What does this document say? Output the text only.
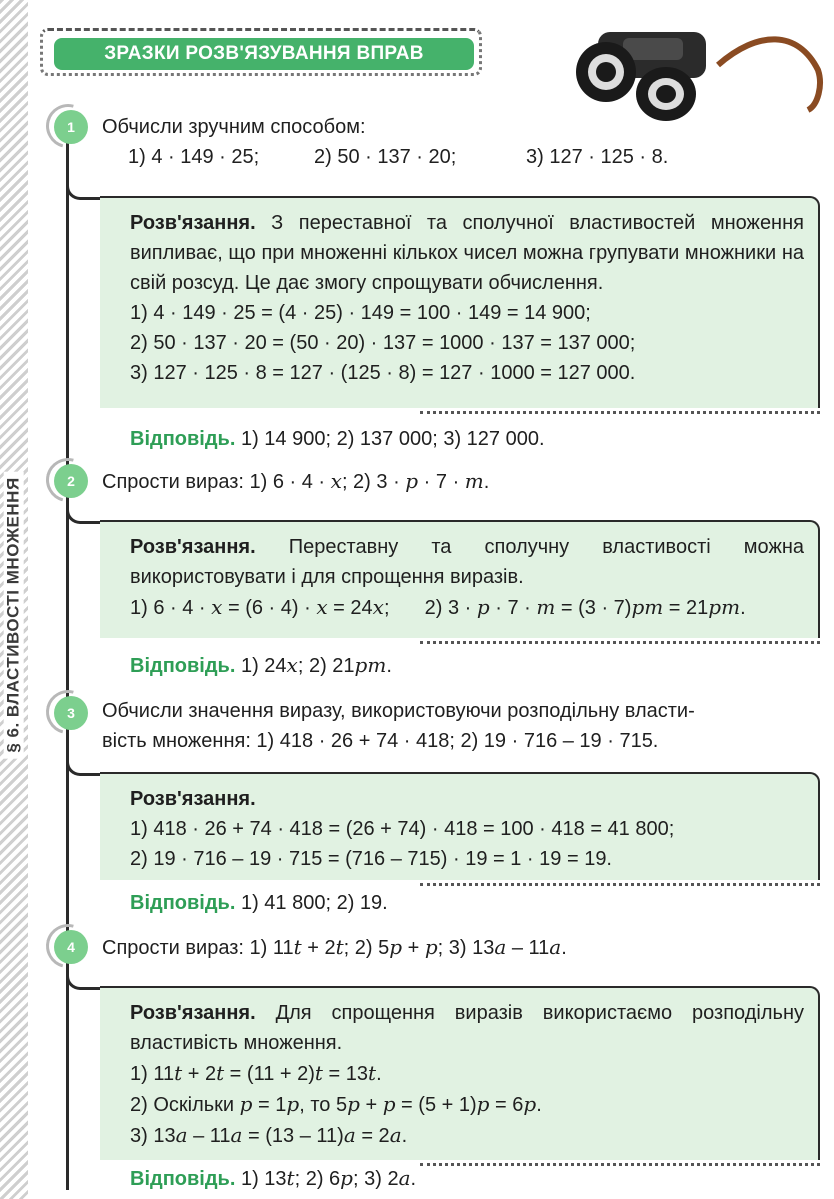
§ 6. ВЛАСТИВОСТІ МНОЖЕННЯ
ЗРАЗКИ РОЗВ'ЯЗУВАННЯ ВПРАВ
1	Обчисли зручним способом:
1) 4 · 149 · 25;	2) 50 · 137 · 20;	3) 127 · 125 · 8.
Розв'язання. З переставної та сполучної властивостей множення випливає, що при множенні кількох чисел можна групувати множники на свій розсуд. Це дає змогу спрощувати обчислення.
1) 4 · 149 · 25 = (4 · 25) · 149 = 100 · 149 = 14 900;
2) 50 · 137 · 20 = (50 · 20) · 137 = 1000 · 137 = 137 000;
3) 127 · 125 · 8 = 127 · (125 · 8) = 127 · 1000 = 127 000.
Відповідь. 1) 14 900; 2) 137 000; 3) 127 000.
2	Спрости вираз: 1) 6 · 4 · x; 2) 3 · p · 7 · m.
Розв'язання. Переставну та сполучну властивості можна використовувати і для спрощення виразів.
1) 6 · 4 · x = (6 · 4) · x = 24x; 2) 3 · p · 7 · m = (3 · 7)pm = 21pm.
Відповідь. 1) 24x; 2) 21pm.
3	Обчисли значення виразу, використовуючи розподільну власти-
вість множення: 1) 418 · 26 + 74 · 418; 2) 19 · 716 – 19 · 715.
Розв'язання.
1) 418 · 26 + 74 · 418 = (26 + 74) · 418 = 100 · 418 = 41 800;
2) 19 · 716 – 19 · 715 = (716 – 715) · 19 = 1 · 19 = 19.
Відповідь. 1) 41 800; 2) 19.
4	Спрости вираз: 1) 11t + 2t; 2) 5p + p; 3) 13a – 11a.
Розв'язання. Для спрощення виразів використаємо розподільну властивість множення.
1) 11t + 2t = (11 + 2)t = 13t.
2) Оскільки p = 1p, то 5p + p = (5 + 1)p = 6p.
3) 13a – 11a = (13 – 11)a = 2a.
Відповідь. 1) 13t; 2) 6p; 3) 2a.
